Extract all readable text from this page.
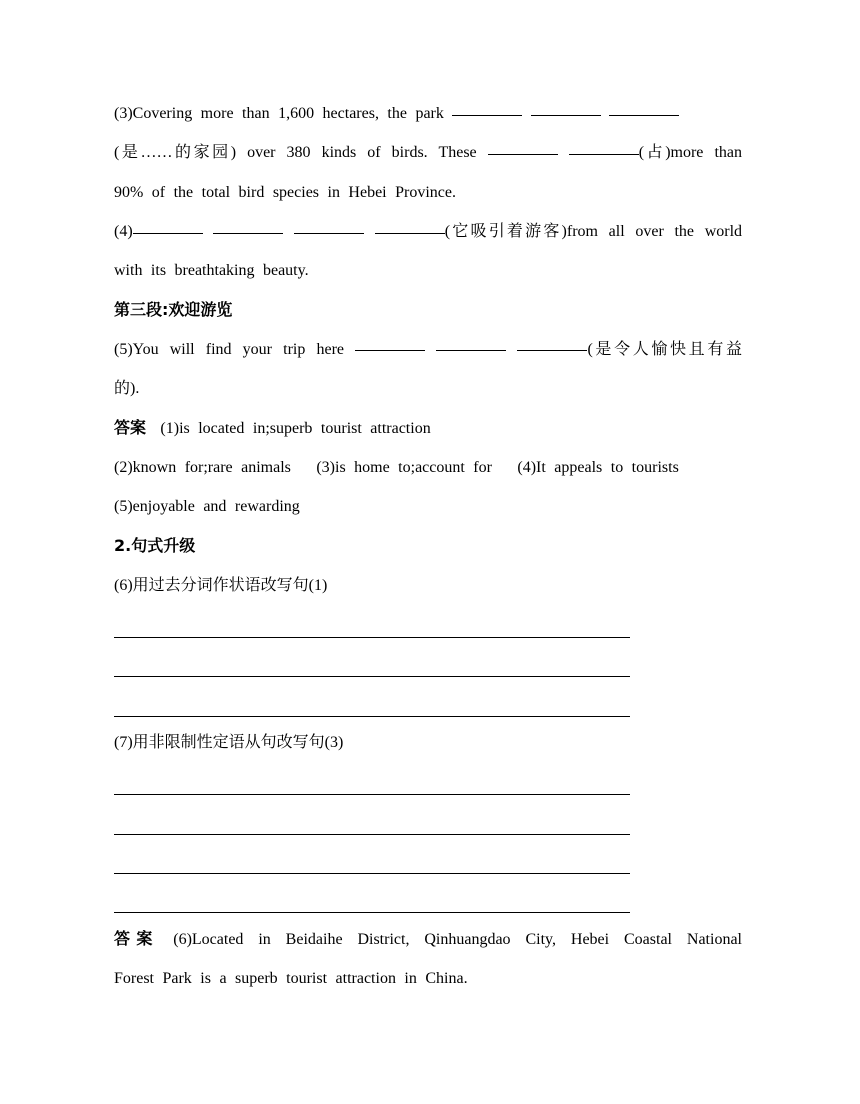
(3)Covering more than 1,600 hectares, the park
(是……的家园) over 380 kinds of birds. These	(占)more than
90% of the total bird species in Hebei Province.
(4)	(它吸引着游客)from all over the world
with its breathtaking beauty.
第三段:欢迎游览
(5)You will find your trip here	(是令人愉快且有益
的).
答案 (1)is located in;superb tourist attraction
(2)known for;rare animals   (3)is home to;account for   (4)It appeals to tourists
(5)enjoyable and rewarding
2.句式升级
(6)用过去分词作状语改写句(1)
(7)用非限制性定语从句改写句(3)
答案 (6)Located in Beidaihe District, Qinhuangdao City, Hebei Coastal National
Forest Park is a superb tourist attraction in China.
